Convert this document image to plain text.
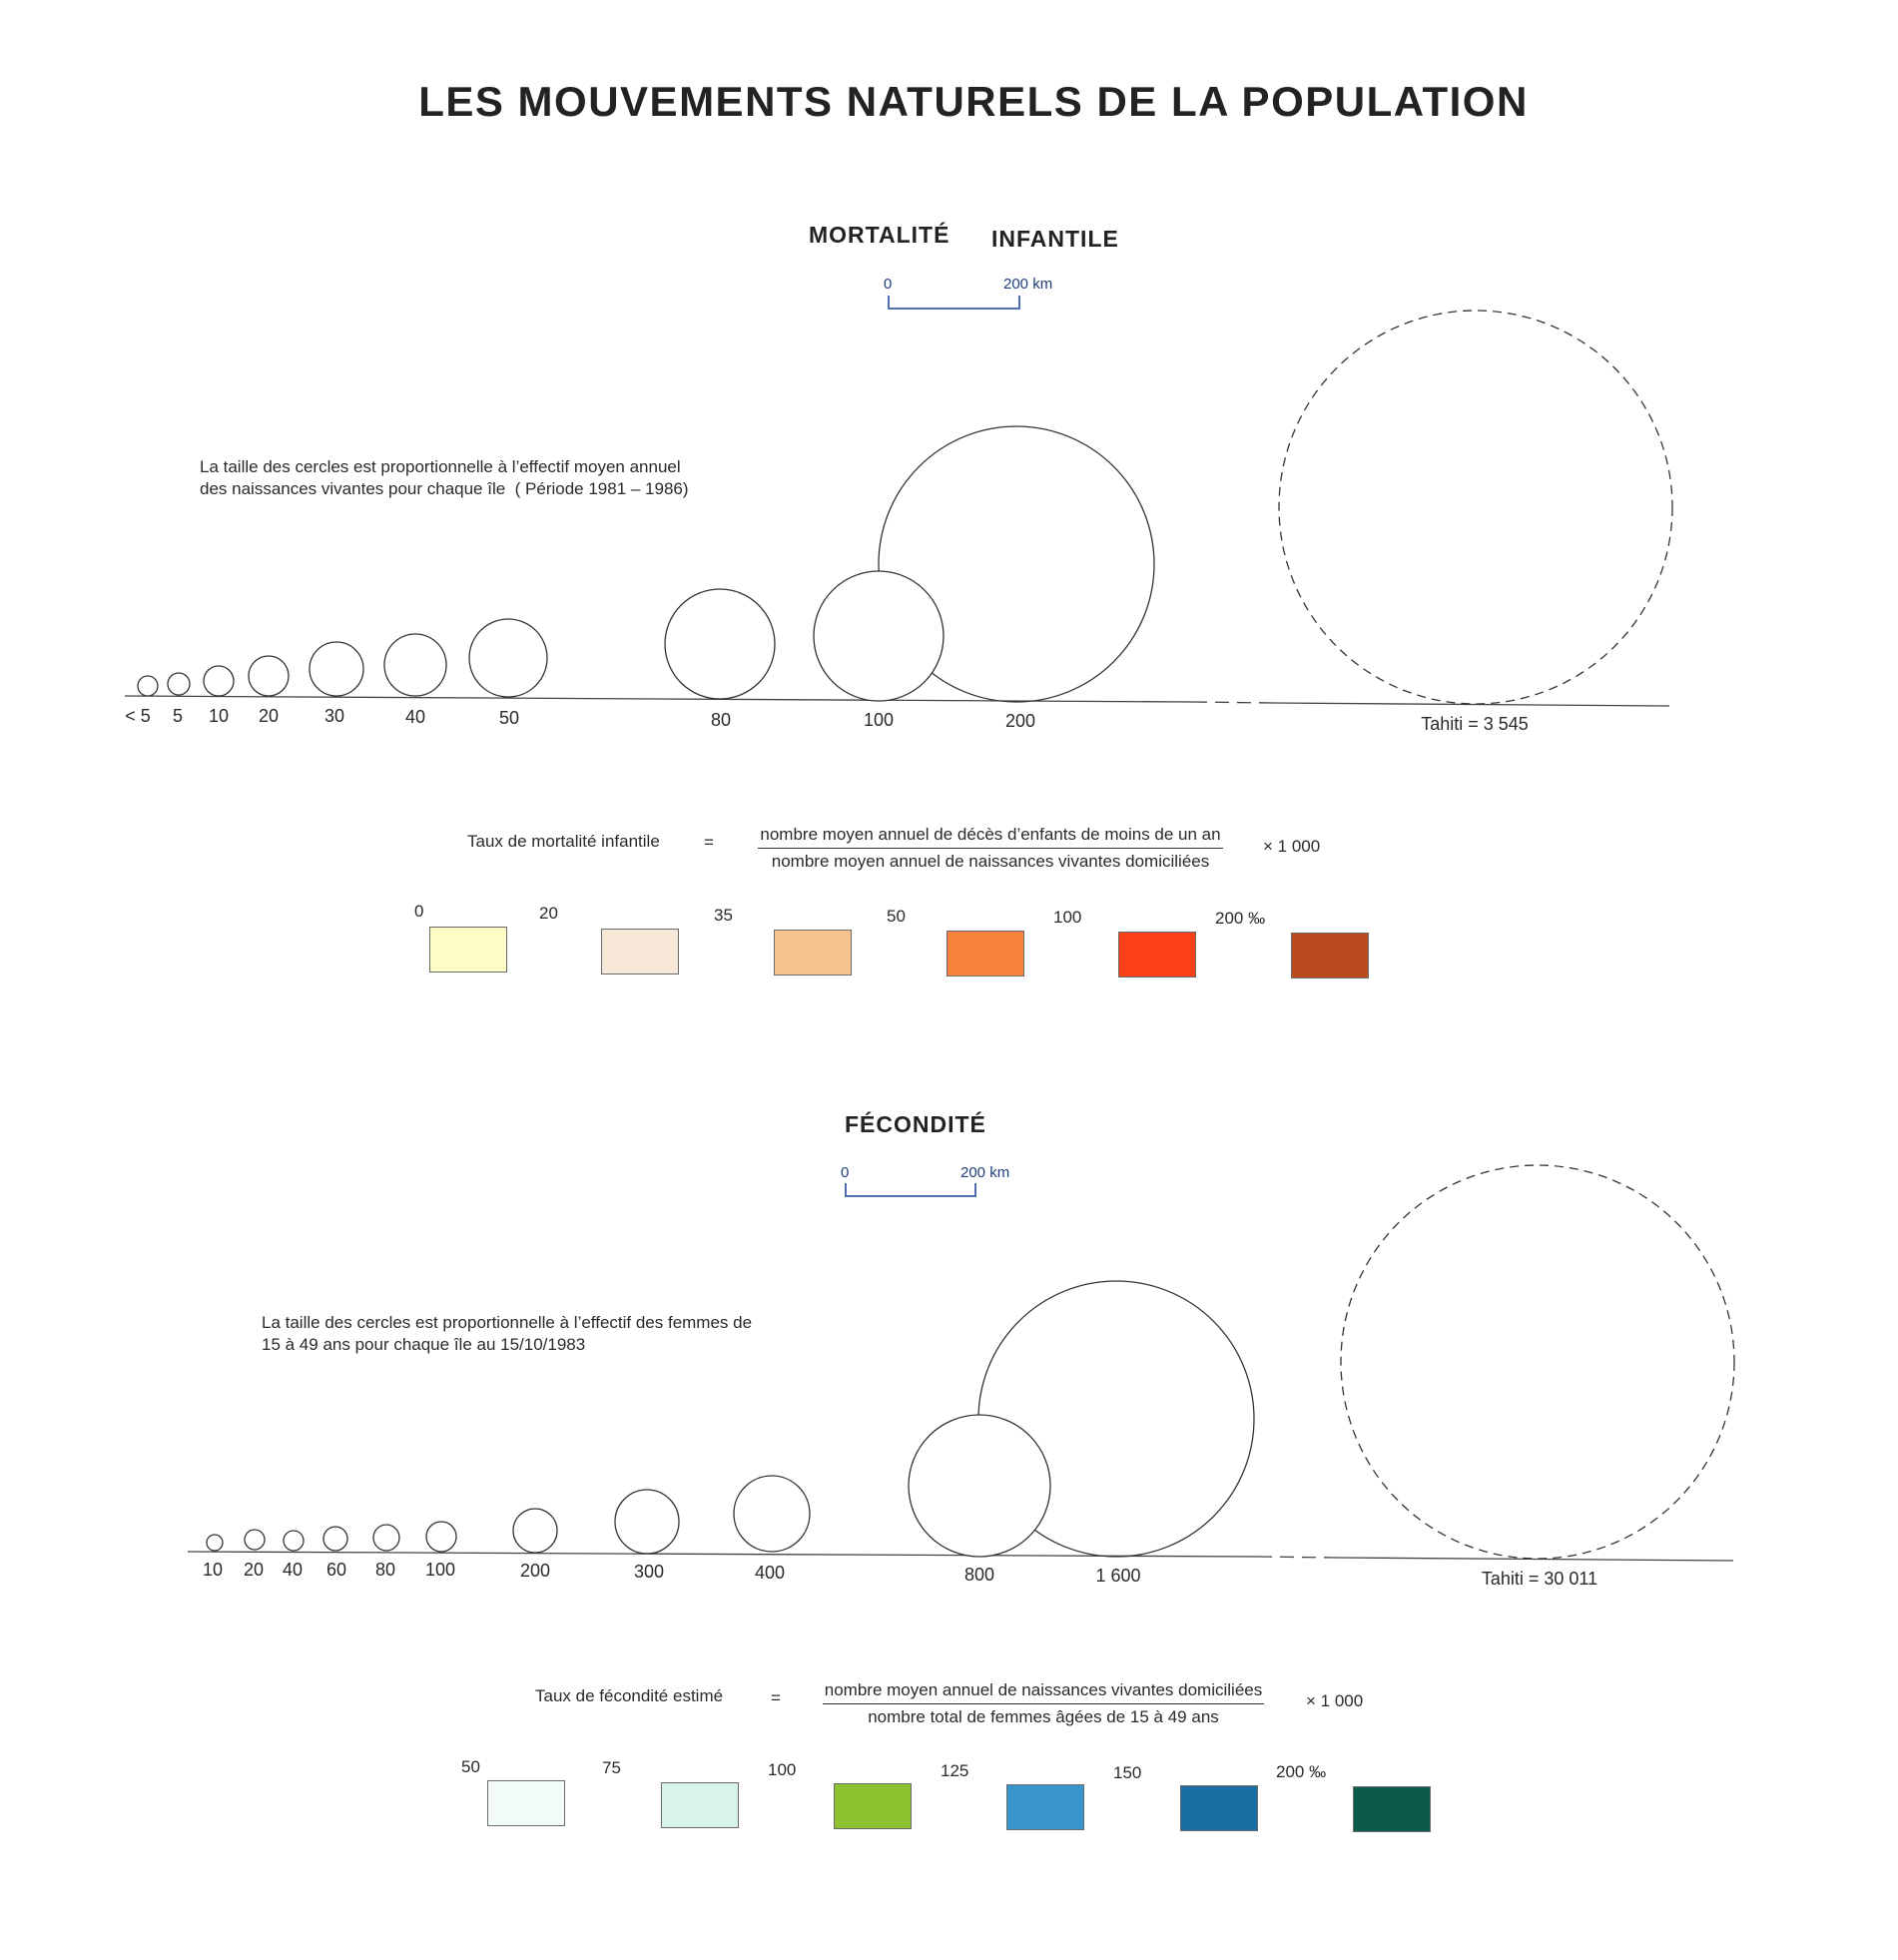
LES MOUVEMENTS NATURELS DE LA POPULATION
MORTALITÉ INFANTILE
0	200 km
La taille des cercles est proportionnelle à l’effectif moyen annuel
des naissances vivantes pour chaque île  ( Période 1981 – 1986)
Taux de mortalité infantile	=	nombre moyen annuel de décès d’enfants de moins de un an
nombre moyen annuel de naissances vivantes domiciliées
× 1 000
0	20	35	50	100	200 ‰
FÉCONDITÉ
0	200 km
La taille des cercles est proportionnelle à l’effectif des femmes de
15 à 49 ans pour chaque île au 15/10/1983
Taux de fécondité estimé	=	nombre moyen annuel de naissances vivantes domiciliées
nombre total de femmes âgées de 15 à 49 ans
× 1 000
50	75	100	125	150	200 ‰
< 5 5 10 20	30	40	50	80	100	200	Tahiti = 3 545
10 20 40 60 80 100	200	300	400	800	1 600	Tahiti = 30 011
